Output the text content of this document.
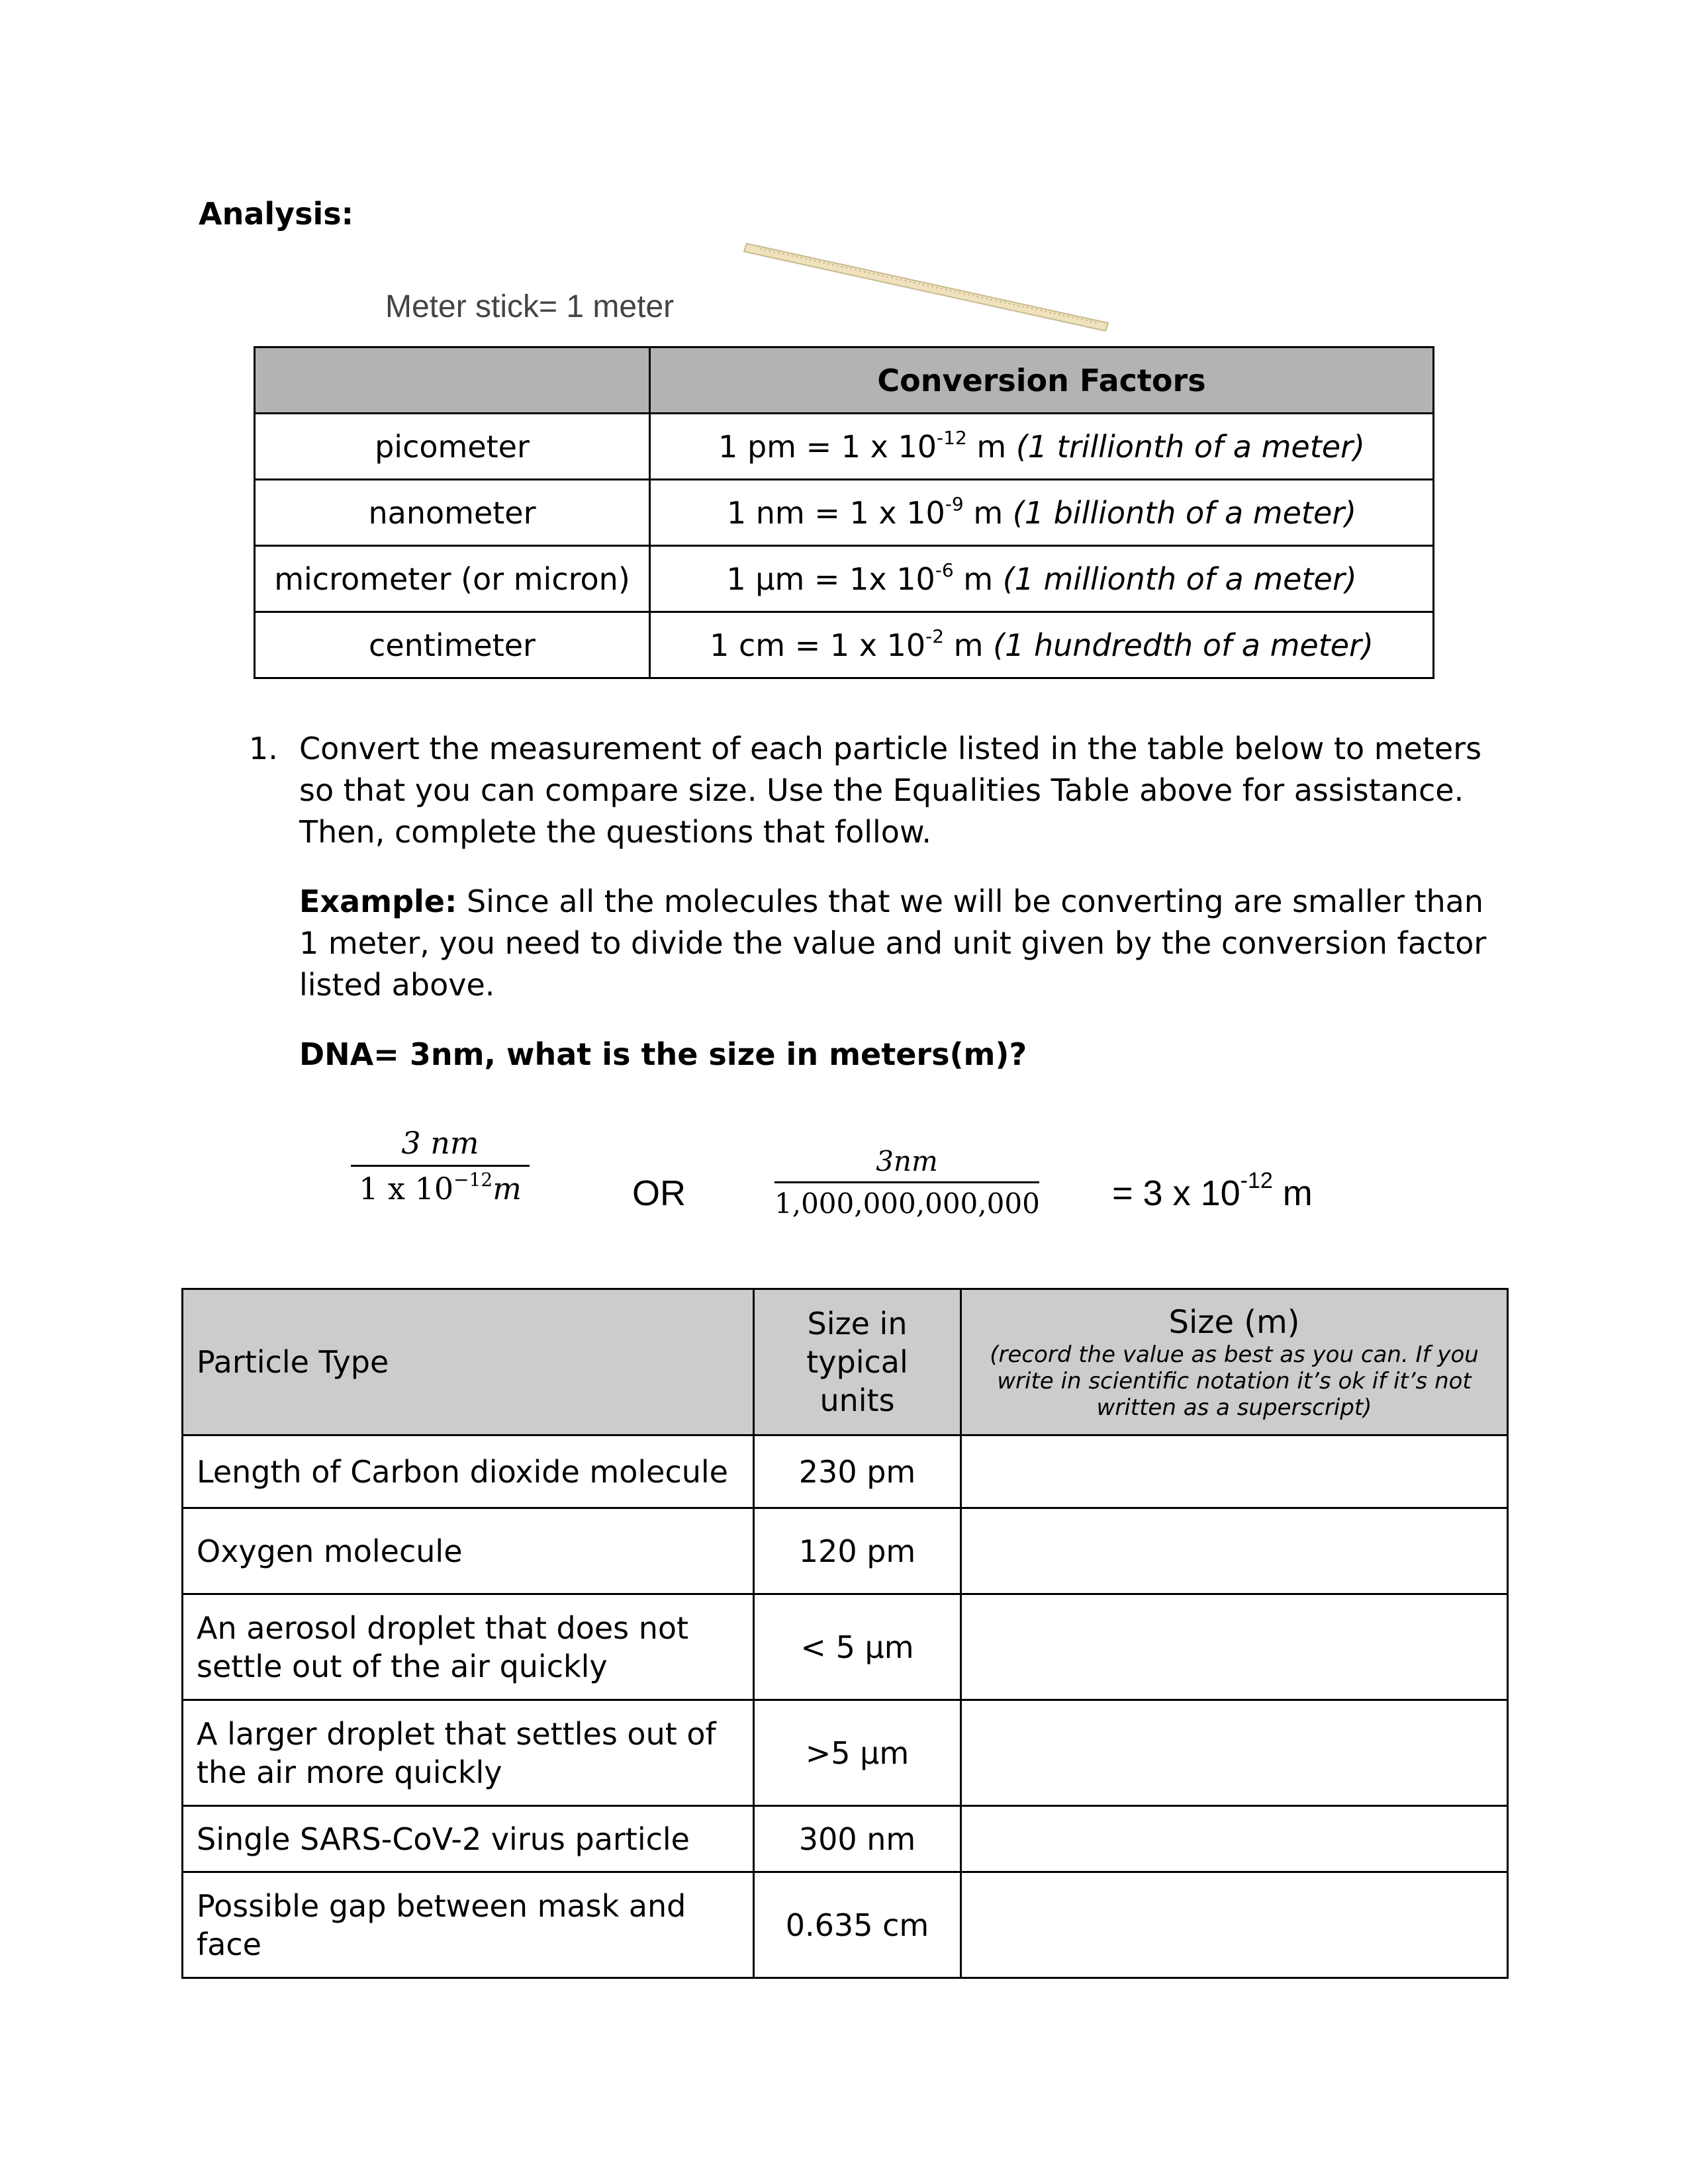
Analysis:
Meter stick= 1 meter
	Conversion Factors
picometer	1 pm = 1 x $10^{-12}$ m (1 trillionth of a meter)
nanometer	1 nm = 1 x $10^{-9}$ m (1 billionth of a meter)
micrometer (or micron)	1 μm = 1x $10^{-6}$ m (1 millionth of a meter)
centimeter	1 cm = 1 x $10^{-2}$ m (1 hundredth of a meter)
1. Convert the measurement of each particle listed in the table below to meters so that you can compare size. Use the Equalities Table above for assistance. Then, complete the questions that follow.

Example: Since all the molecules that we will be converting are smaller than 1 meter, you need to divide the value and unit given by the conversion factor listed above.

DNA= 3nm, what is the size in meters(m)?

3 nm
1 x $10^{-12}m$	OR
3nm
1,000,000,000,000 = 3 x $10^{-12}$ m
Particle Type	Size in typical units	Size (m)
(record the value as best as you can. If you write in scientific notation it’s ok if it’s not written as a superscript)

Length of Carbon dioxide molecule	230 pm	
Oxygen molecule	120 pm	
An aerosol droplet that does not settle out of the air quickly	< 5 μm	
A larger droplet that settles out of the air more quickly	>5 μm	
Single SARS-CoV-2 virus particle	300 nm	
Possible gap between mask and face	0.635 cm	
